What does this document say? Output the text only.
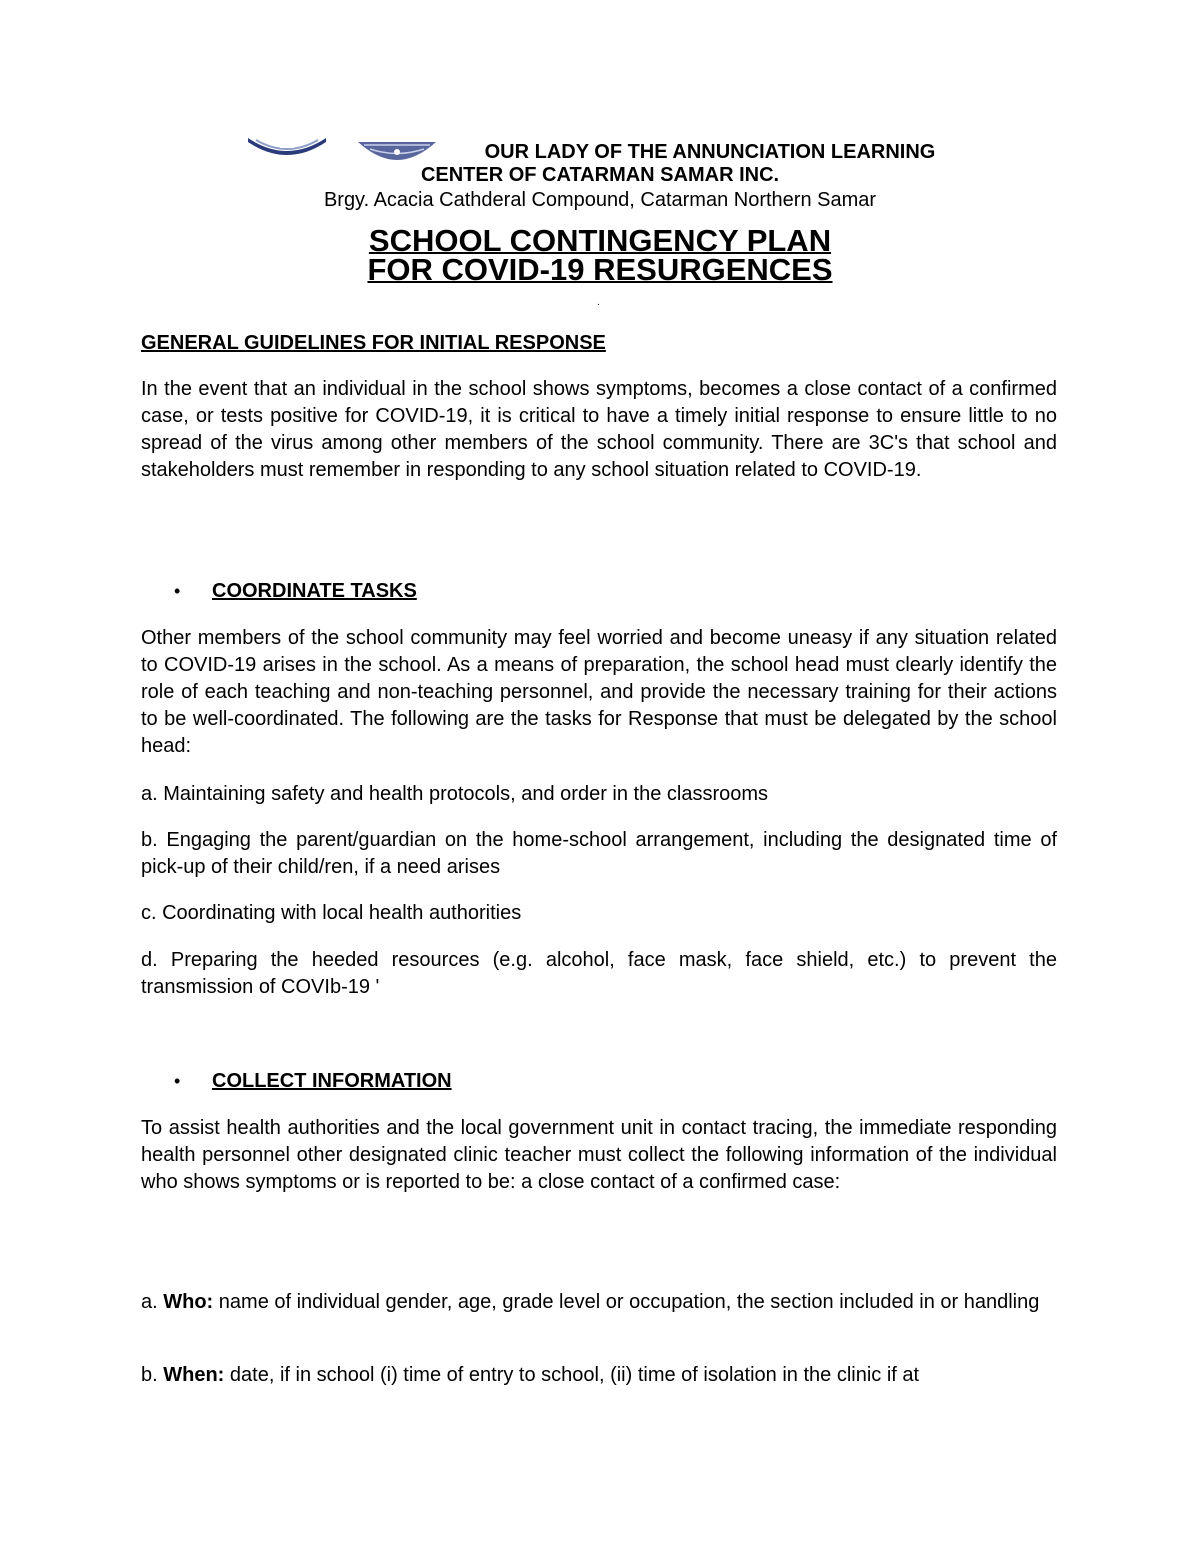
OUR LADY OF THE ANNUNCIATION LEARNING
CENTER OF CATARMAN SAMAR INC.
Brgy. Acacia Cathderal Compound, Catarman Northern Samar
SCHOOL CONTINGENCY PLAN
FOR COVID-19 RESURGENCES
.
GENERAL GUIDELINES FOR INITIAL RESPONSE
In the event that an individual in the school shows symptoms, becomes a close contact of a confirmed case, or tests positive for COVID-19, it is critical to have a timely initial response to ensure little to no spread of the virus among other members of the school community. There are 3C's that school and stakeholders must remember in responding to any school situation related to COVID-19.
• COORDINATE TASKS
Other members of the school community may feel worried and become uneasy if any situation related to COVID-19 arises in the school. As a means of preparation, the school head must clearly identify the role of each teaching and non-teaching personnel, and provide the necessary training for their actions to be well-coordinated. The following are the tasks for Response that must be delegated by the school head:
a. Maintaining safety and health protocols, and order in the classrooms
b. Engaging the parent/guardian on the home-school arrangement, including the designated time of pick-up of their child/ren, if a need arises
c. Coordinating with local health authorities
d. Preparing the heeded resources (e.g. alcohol, face mask, face shield, etc.) to prevent the transmission of COVIb-19 '
• COLLECT INFORMATION
To assist health authorities and the local government unit in contact tracing, the immediate responding health personnel other designated clinic teacher must collect the following information of the individual who shows symptoms or is reported to be: a close contact of a confirmed case:
a. Who: name of individual gender, age, grade level or occupation, the section included in or handling
b. When: date, if in school (i) time of entry to school, (ii) time of isolation in the clinic if at
